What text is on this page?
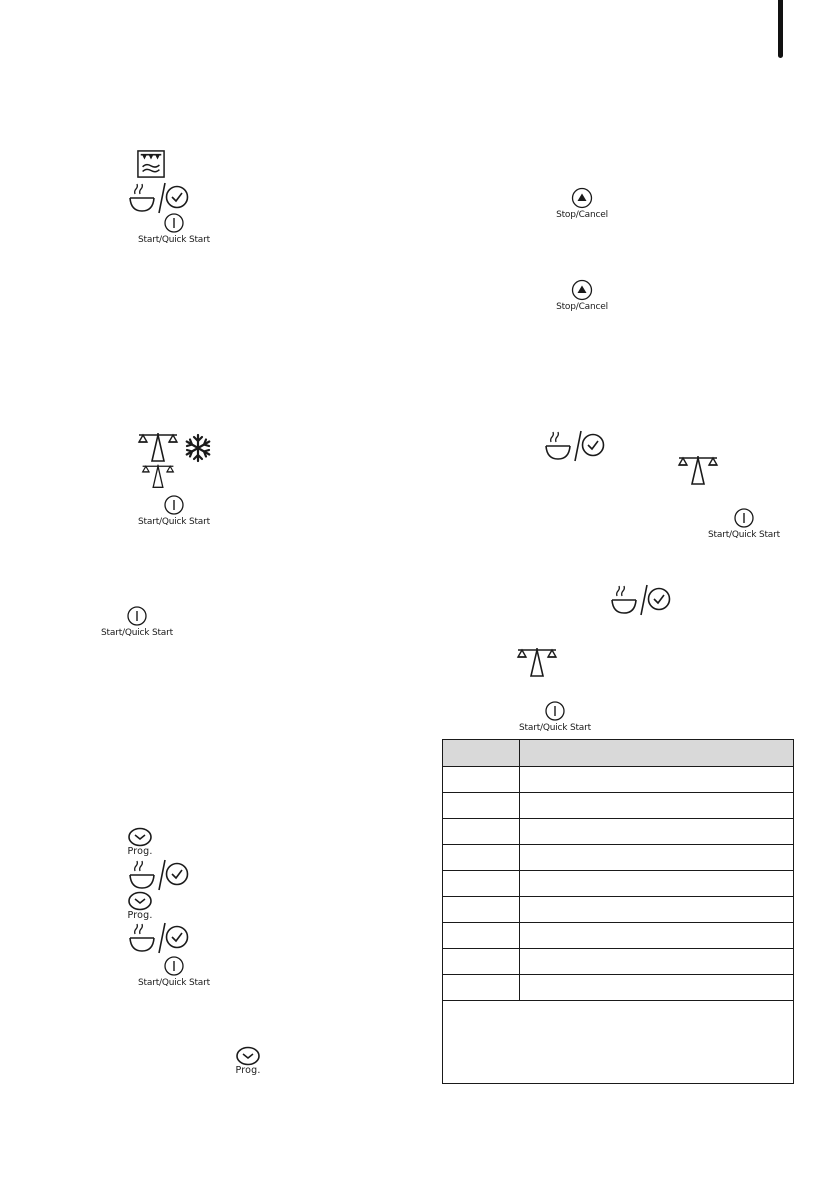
Start/Quick Start
Start/Quick Start
Start/Quick Start
Prog.
Prog.
Start/Quick Start
Prog.
Stop/Cancel
Stop/Cancel
Start/Quick Start
Start/Quick Start
